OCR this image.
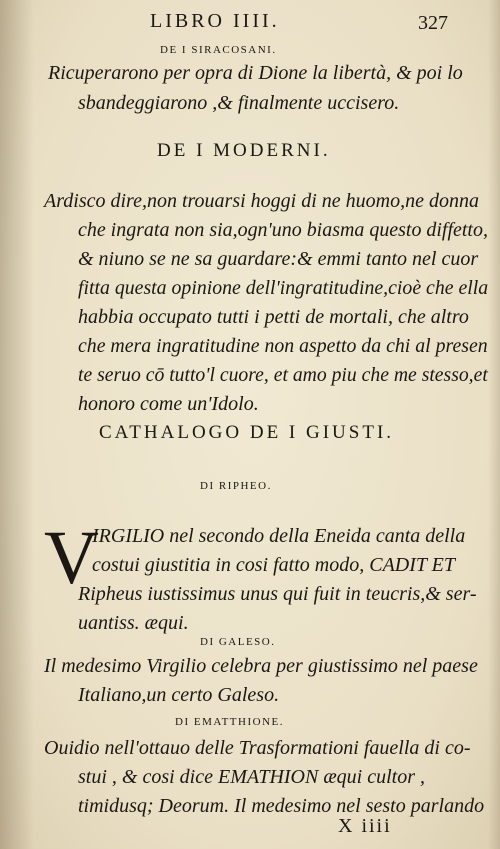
LIBRO IIII.	327
DE I SIRACOSANI.
Ricuperarono per opra di Dione la libertà, & poi lo
sbandeggiarono ,& finalmente uccisero.
DE I MODERNI.
Ardisco dire,non trouarsi hoggi di ne huomo,ne donna
che ingrata non sia,ogn'uno biasma questo diffetto,
& niuno se ne sa guardare:& emmi tanto nel cuor
fitta questa opinione dell'ingratitudine,cioè che ella
habbia occupato tutti i petti de mortali, che altro
che mera ingratitudine non aspetto da chi al presen
te seruo cō tutto'l cuore, et amo piu che me stesso,et
honoro come un'Idolo.
CATHALOGO DE I GIUSTI.
DI RIPHEO.
V
IRGILIO nel secondo della Eneida canta della
costui giustitia in cosi fatto modo, CADIT ET
Ripheus iustissimus unus qui fuit in teucris,& ser-
uantiss. æqui.
DI GALESO.
Il medesimo Virgilio celebra per giustissimo nel paese
Italiano,un certo Galeso.
DI EMATTHIONE.
Ouidio nell'ottauo delle Trasformationi fauella di co-
stui , & cosi dice EMATHION æqui cultor ,
timidusq; Deorum. Il medesimo nel sesto parlando
X iiii
